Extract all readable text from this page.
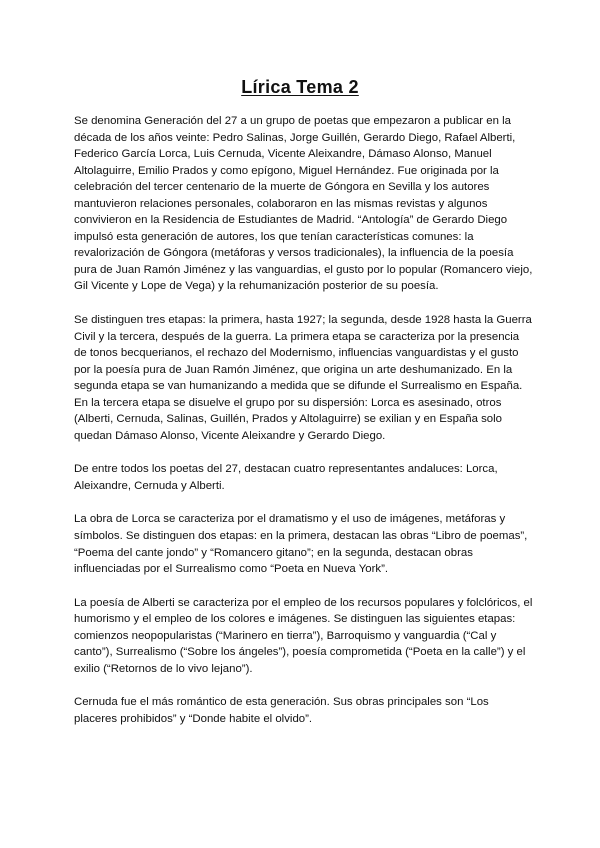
Lírica Tema 2

Se denomina Generación del 27 a un grupo de poetas que empezaron a publicar en la década de los años veinte: Pedro Salinas, Jorge Guillén, Gerardo Diego, Rafael Alberti, Federico García Lorca, Luis Cernuda, Vicente Aleixandre, Dámaso Alonso, Manuel Altolaguirre, Emilio Prados y como epígono, Miguel Hernández. Fue originada por la celebración del tercer centenario de la muerte de Góngora en Sevilla y los autores mantuvieron relaciones personales, colaboraron en las mismas revistas y algunos convivieron en la Residencia de Estudiantes de Madrid. “Antología” de Gerardo Diego impulsó esta generación de autores, los que tenían características comunes: la revalorización de Góngora (metáforas y versos tradicionales), la influencia de la poesía pura de Juan Ramón Jiménez y las vanguardias, el gusto por lo popular (Romancero viejo, Gil Vicente y Lope de Vega) y la rehumanización posterior de su poesía.

Se distinguen tres etapas: la primera, hasta 1927; la segunda, desde 1928 hasta la Guerra Civil y la tercera, después de la guerra. La primera etapa se caracteriza por la presencia de tonos becquerianos, el rechazo del Modernismo, influencias vanguardistas y el gusto por la poesía pura de Juan Ramón Jiménez, que origina un arte deshumanizado. En la segunda etapa se van humanizando a medida que se difunde el Surrealismo en España. En la tercera etapa se disuelve el grupo por su dispersión: Lorca es asesinado, otros (Alberti, Cernuda, Salinas, Guillén, Prados y Altolaguirre) se exilian y en España solo quedan Dámaso Alonso, Vicente Aleixandre y Gerardo Diego.

De entre todos los poetas del 27, destacan cuatro representantes andaluces: Lorca, Aleixandre, Cernuda y Alberti.

La obra de Lorca se caracteriza por el dramatismo y el uso de imágenes, metáforas y símbolos. Se distinguen dos etapas: en la primera, destacan las obras “Libro de poemas”, “Poema del cante jondo” y “Romancero gitano”; en la segunda, destacan obras influenciadas por el Surrealismo como “Poeta en Nueva York”.

La poesía de Alberti se caracteriza por el empleo de los recursos populares y folclóricos, el humorismo y el empleo de los colores e imágenes. Se distinguen las siguientes etapas: comienzos neopopularistas (“Marinero en tierra”), Barroquismo y vanguardia (“Cal y canto”), Surrealismo (“Sobre los ángeles”), poesía comprometida (“Poeta en la calle”) y el exilio (“Retornos de lo vivo lejano”).

Cernuda fue el más romántico de esta generación. Sus obras principales son “Los placeres prohibidos” y “Donde habite el olvido”.
